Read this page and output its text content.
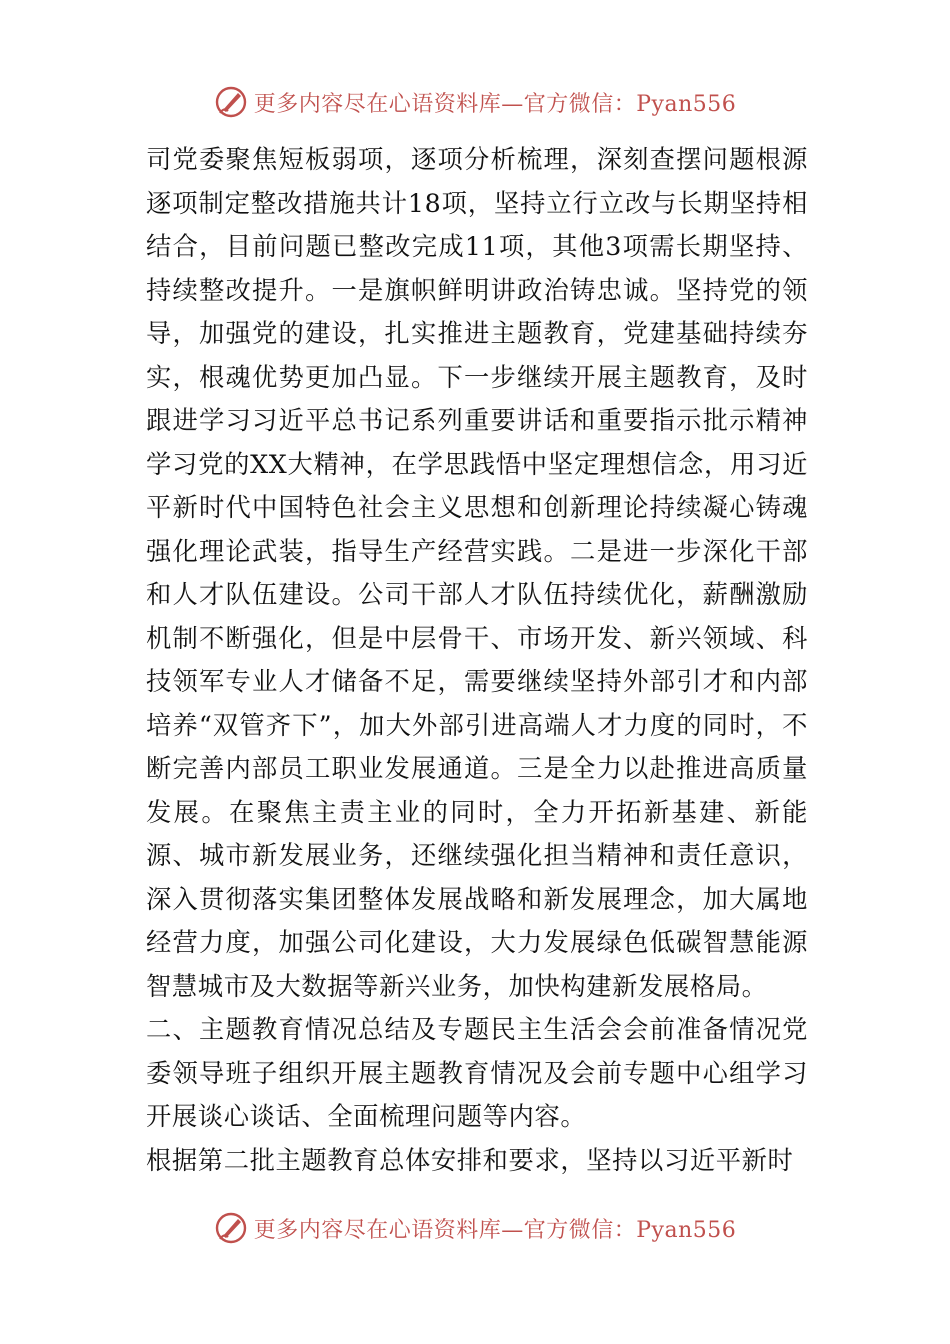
更多内容尽在心语资料库—官方微信：Pyan556

司党委聚焦短板弱项，逐项分析梳理，深刻查摆问题根源逐项制定整改措施共计18项，坚持立行立改与长期坚持相结合，目前问题已整改完成11项，其他3项需长期坚持、持续整改提升。一是旗帜鲜明讲政治铸忠诚。坚持党的领导，加强党的建设，扎实推进主题教育，党建基础持续夯实，根魂优势更加凸显。下一步继续开展主题教育，及时跟进学习习近平总书记系列重要讲话和重要指示批示精神学习党的XX大精神，在学思践悟中坚定理想信念，用习近平新时代中国特色社会主义思想和创新理论持续凝心铸魂强化理论武装，指导生产经营实践。二是进一步深化干部和人才队伍建设。公司干部人才队伍持续优化，薪酬激励机制不断强化，但是中层骨干、市场开发、新兴领域、科技领军专业人才储备不足，需要继续坚持外部引才和内部培养“双管齐下”，加大外部引进高端人才力度的同时，不断完善内部员工职业发展通道。三是全力以赴推进高质量发展。在聚焦主责主业的同时，全力开拓新基建、新能源、城市新发展业务，还继续强化担当精神和责任意识，深入贯彻落实集团整体发展战略和新发展理念，加大属地经营力度，加强公司化建设，大力发展绿色低碳智慧能源智慧城市及大数据等新兴业务，加快构建新发展格局。

二、主题教育情况总结及专题民主生活会会前准备情况党委领导班子组织开展主题教育情况及会前专题中心组学习开展谈心谈话、全面梳理问题等内容。

根据第二批主题教育总体安排和要求，坚持以习近平新时

更多内容尽在心语资料库—官方微信：Pyan556
